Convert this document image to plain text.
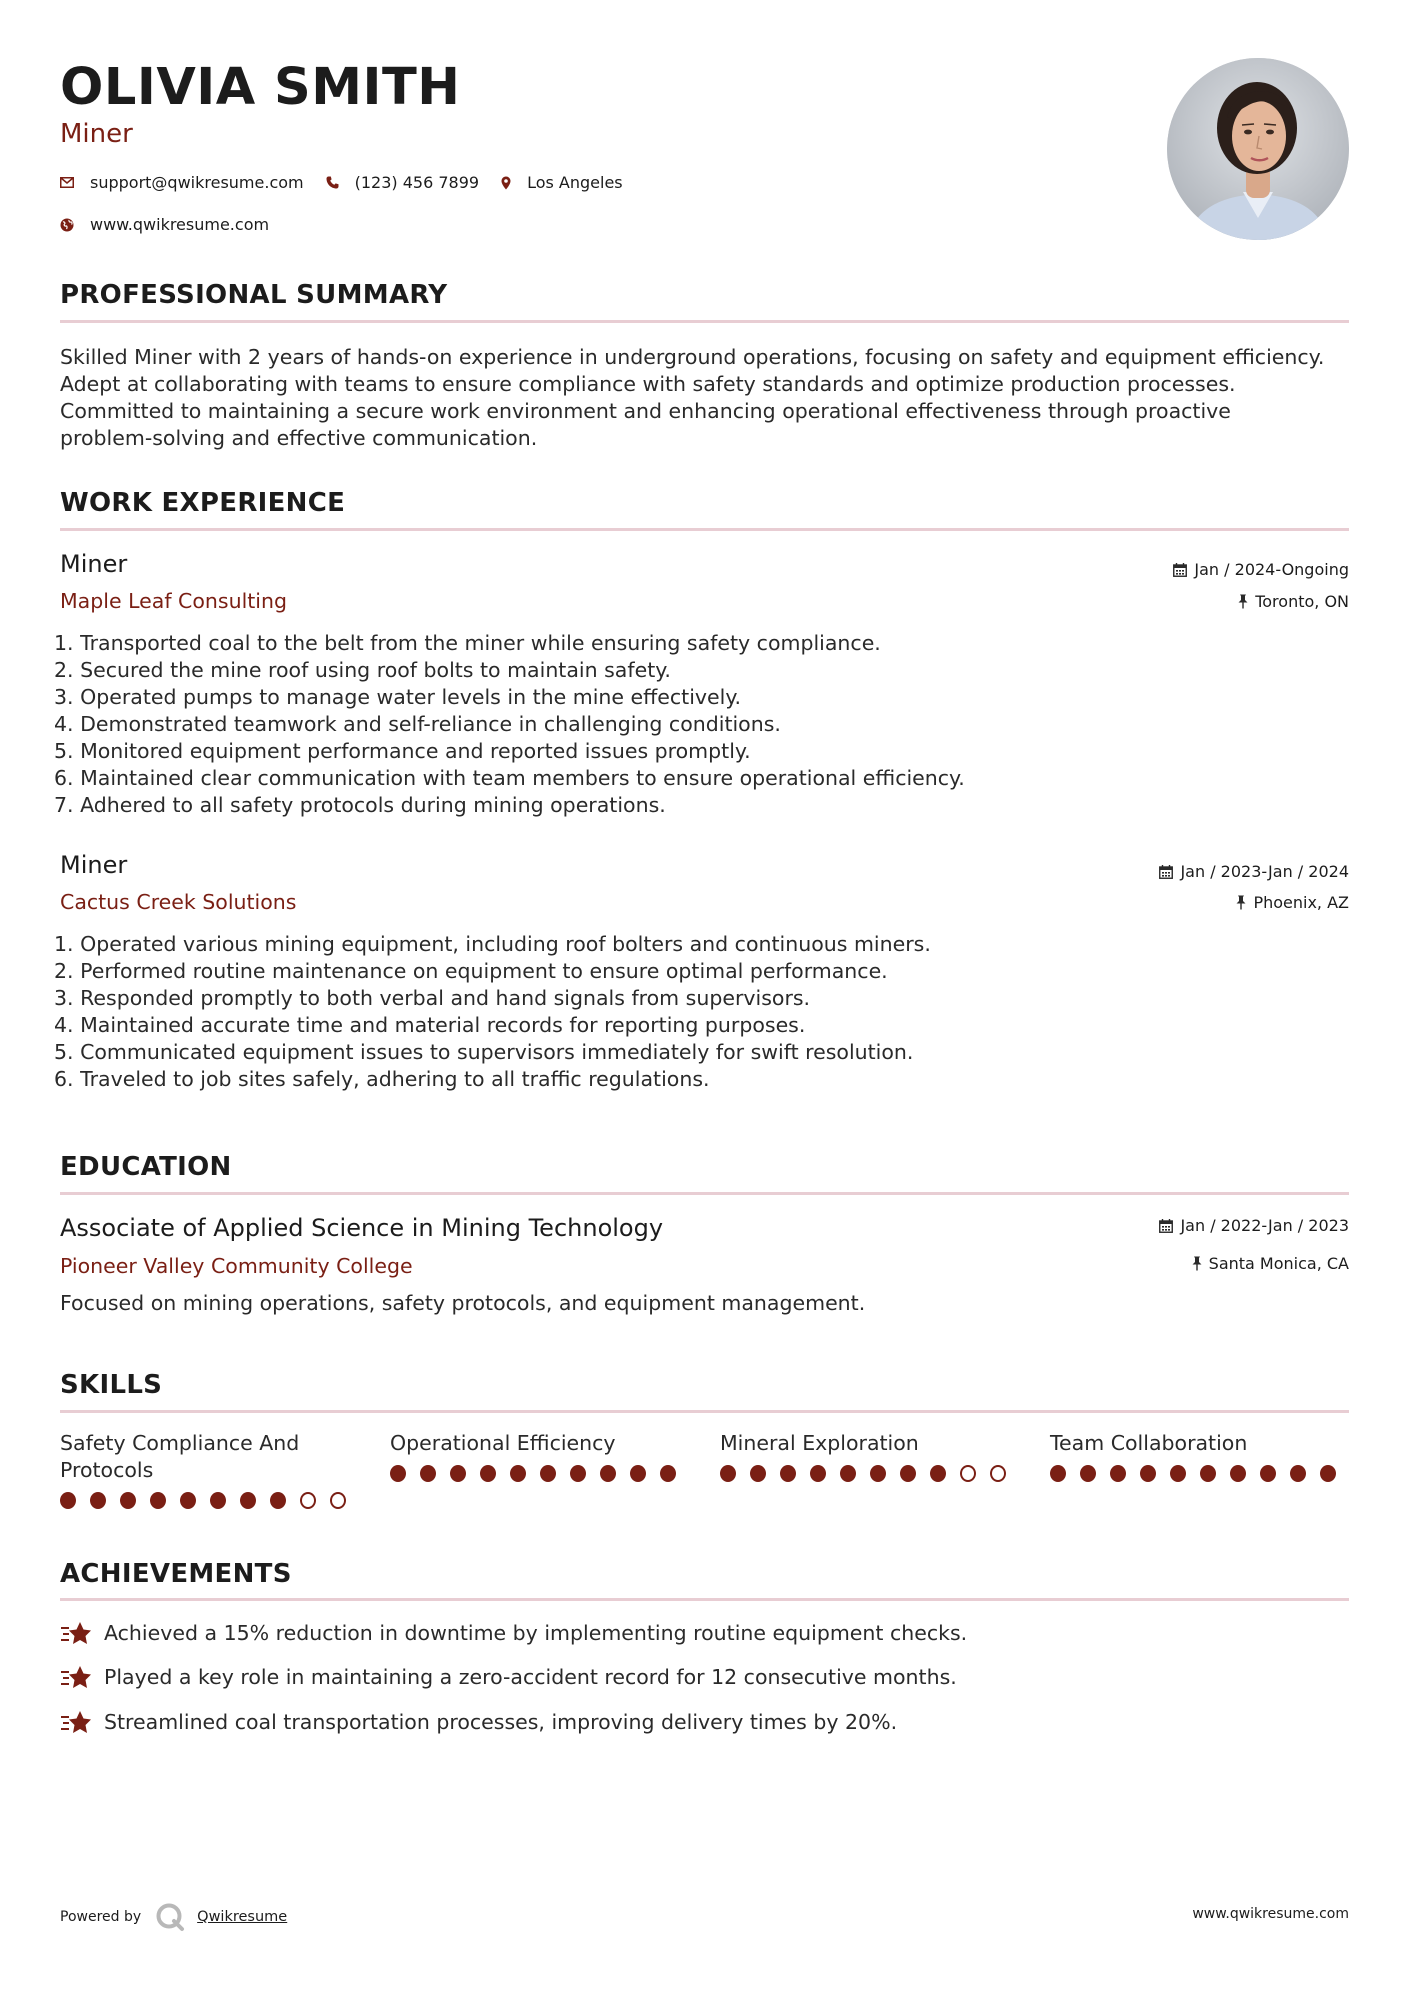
OLIVIA SMITH
Miner
support@qwikresume.com	(123) 456 7899	Los Angeles
www.qwikresume.com
PROFESSIONAL SUMMARY
Skilled Miner with 2 years of hands-on experience in underground operations, focusing on safety and equipment efficiency.
Adept at collaborating with teams to ensure compliance with safety standards and optimize production processes.
Committed to maintaining a secure work environment and enhancing operational effectiveness through proactive
problem-solving and effective communication.
WORK EXPERIENCE
Miner
Maple Leaf Consulting
Jan / 2024-Ongoing
Toronto, ON
1. Transported coal to the belt from the miner while ensuring safety compliance.
2. Secured the mine roof using roof bolts to maintain safety.
3. Operated pumps to manage water levels in the mine effectively.
4. Demonstrated teamwork and self-reliance in challenging conditions.
5. Monitored equipment performance and reported issues promptly.
6. Maintained clear communication with team members to ensure operational efficiency.
7. Adhered to all safety protocols during mining operations.
Miner
Cactus Creek Solutions
Jan / 2023-Jan / 2024
Phoenix, AZ
1. Operated various mining equipment, including roof bolters and continuous miners.
2. Performed routine maintenance on equipment to ensure optimal performance.
3. Responded promptly to both verbal and hand signals from supervisors.
4. Maintained accurate time and material records for reporting purposes.
5. Communicated equipment issues to supervisors immediately for swift resolution.
6. Traveled to job sites safely, adhering to all traffic regulations.
EDUCATION
Associate of Applied Science in Mining Technology
Pioneer Valley Community College
Jan / 2022-Jan / 2023
Santa Monica, CA
Focused on mining operations, safety protocols, and equipment management.
SKILLS
Safety Compliance And
Protocols
Operational Efficiency	Mineral Exploration	Team Collaboration
ACHIEVEMENTS
Achieved a 15% reduction in downtime by implementing routine equipment checks.
Played a key role in maintaining a zero-accident record for 12 consecutive months.
Streamlined coal transportation processes, improving delivery times by 20%.
Powered by	Qwikresume	www.qwikresume.com
